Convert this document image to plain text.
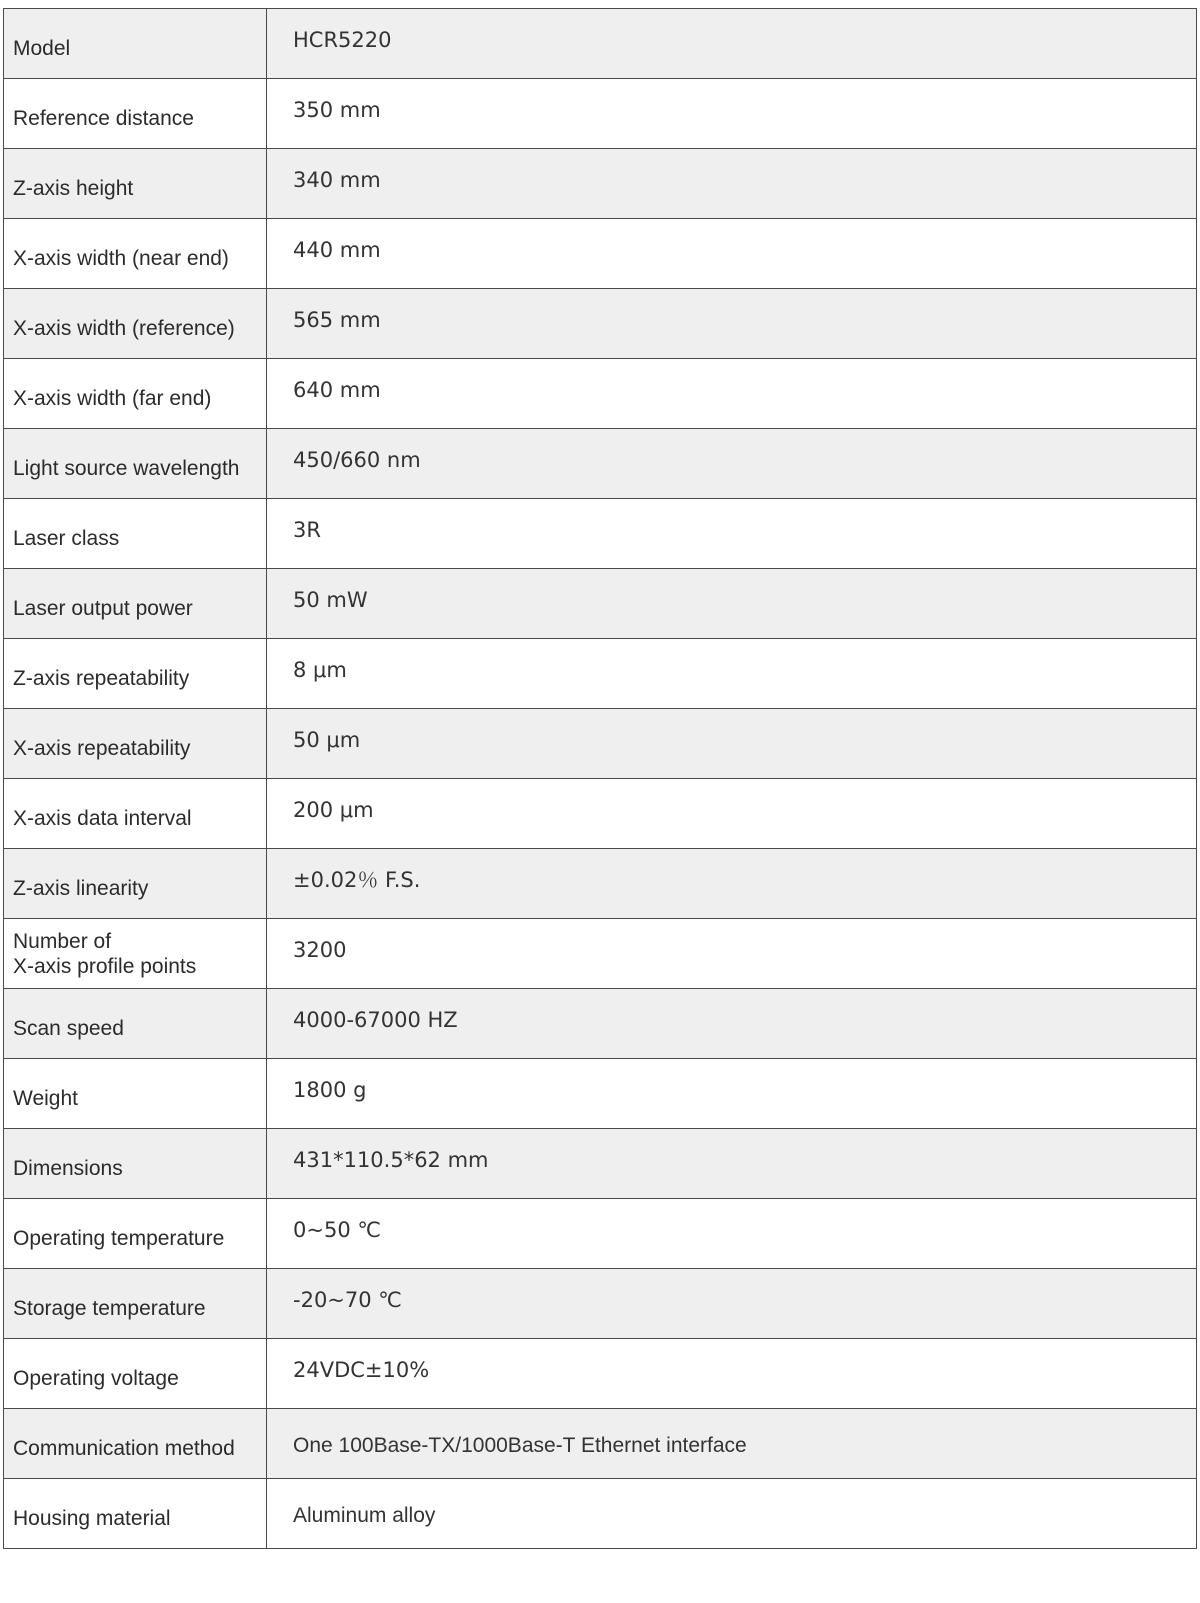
Model	HCR5220

Reference distance	350 mm

Z-axis height	340 mm

X-axis width (near end)	440 mm

X-axis width (reference)	565 mm

X-axis width (far end)	640 mm

Light source wavelength	450/660 nm

Laser class	3R

Laser output power	50 mW

Z-axis repeatability	8 μm

X-axis repeatability	50 μm

X-axis data interval	200 μm

Z-axis linearity	±0.02％ F.S.

Number of
X-axis profile points	3200

Scan speed	4000-67000 HZ

Weight	1800 g

Dimensions	431*110.5*62 mm

Operating temperature	0~50 ℃

Storage temperature	-20~70 ℃

Operating voltage	24VDC±10%

Communication method	One 100Base-TX/1000Base-T Ethernet interface

Housing material	Aluminum alloy
